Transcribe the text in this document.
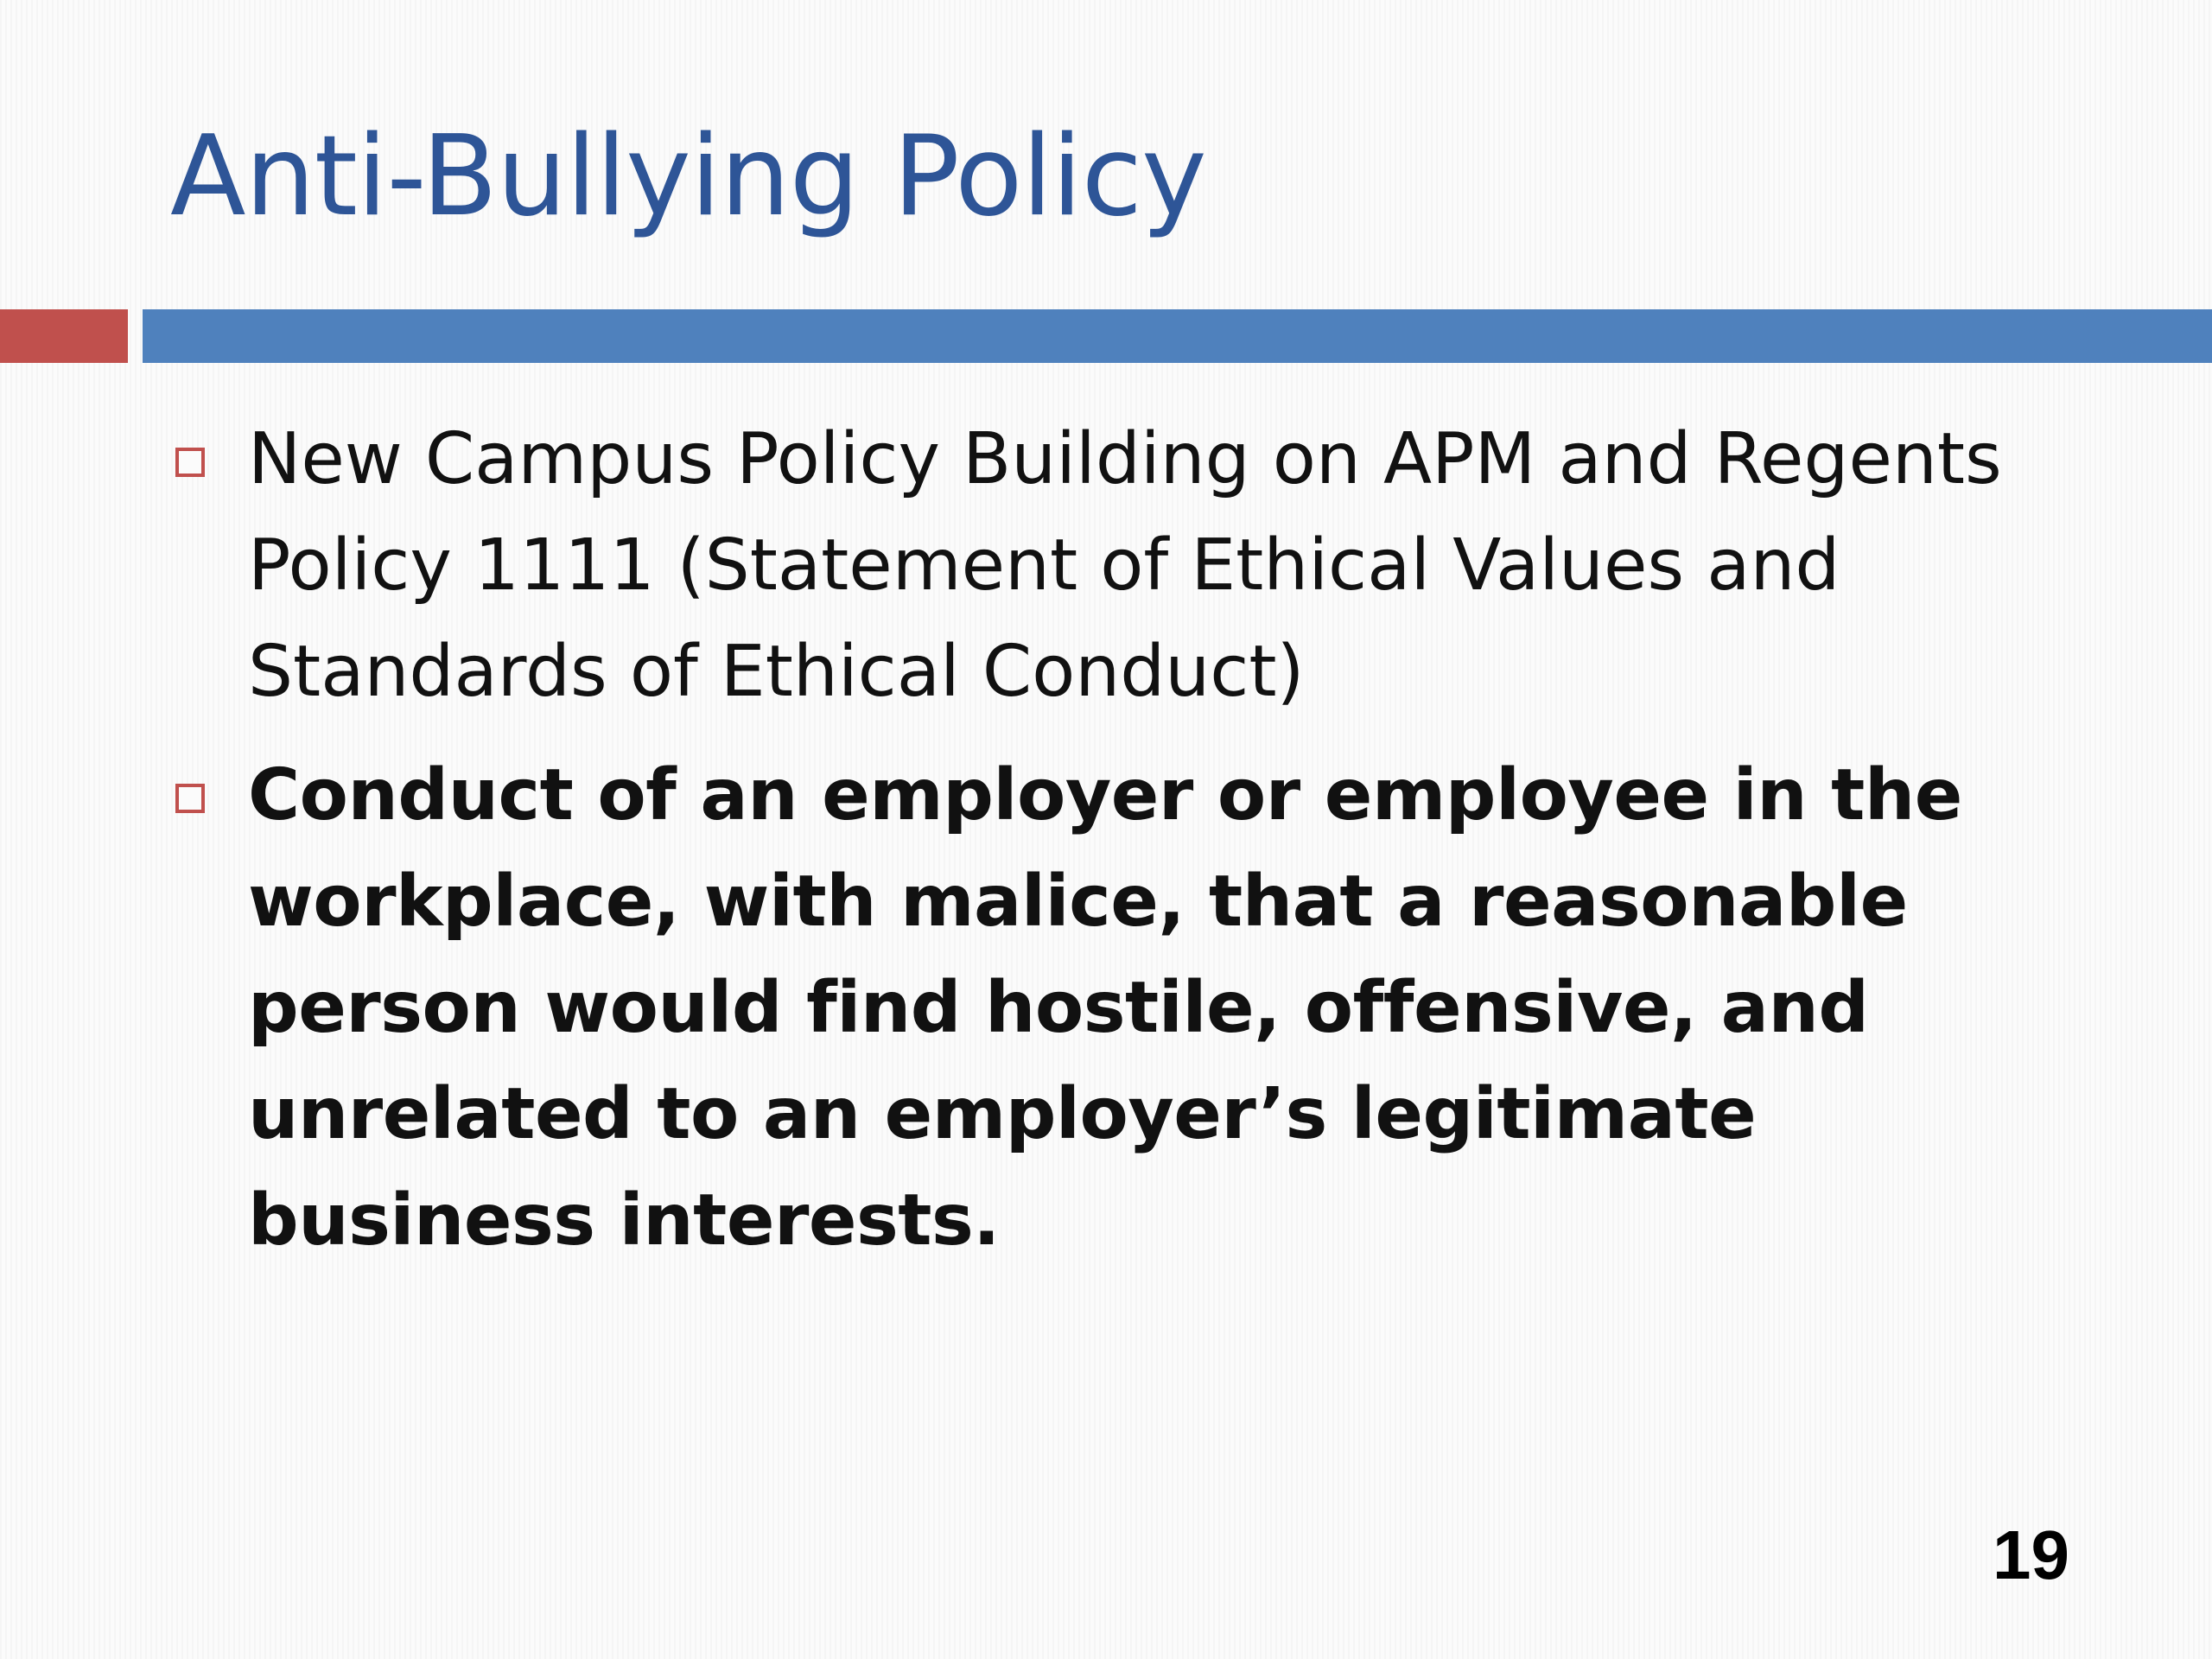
Anti-Bullying Policy
New Campus Policy Building on APM and Regents Policy 1111 (Statement of Ethical Values and Standards of Ethical Conduct)
Conduct of an employer or employee in the workplace, with malice, that a reasonable person would find hostile, offensive, and unrelated to an employer’s legitimate business interests.
19
